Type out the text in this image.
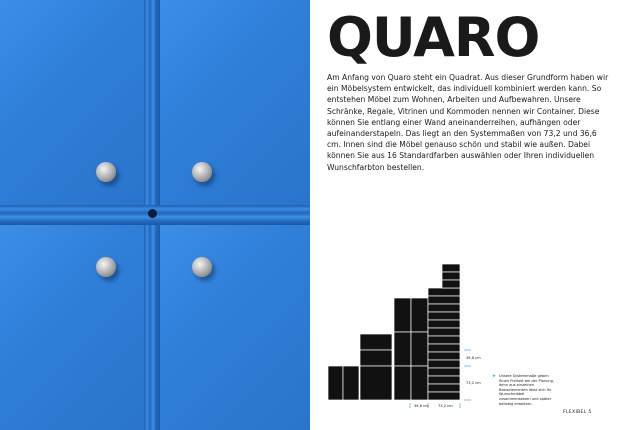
QUARO

Am Anfang von Quaro steht ein Quadrat. Aus dieser Grundform haben wir ein Möbelsystem entwickelt, das individuell kombiniert werden kann. So entstehen Möbel zum Wohnen, Arbeiten und Aufbewahren. Unsere Schränke, Regale, Vitrinen und Kommoden nennen wir Container. Diese können Sie entlang einer Wand aneinanderreihen, aufhängen oder aufeinanderstapeln. Das liegt an den Systemmaßen von 73,2 und 36,6 cm. Innen sind die Möbel genauso schön und stabil wie außen. Dabei können Sie aus 16 Standardfarben auswählen oder Ihren individuellen Wunschfarbton bestellen.

36,6 cm
73,2 cm
36,6 cm	73,2 cm
▸ Unsere Systemmaße geben Ihnen Freiheit bei der Planung, denn aus einzelnen Basiselementen lässt sich Ihr Wunschmöbel zusammensetzen und später beliebig erweitern.

FLEXIBEL 5
